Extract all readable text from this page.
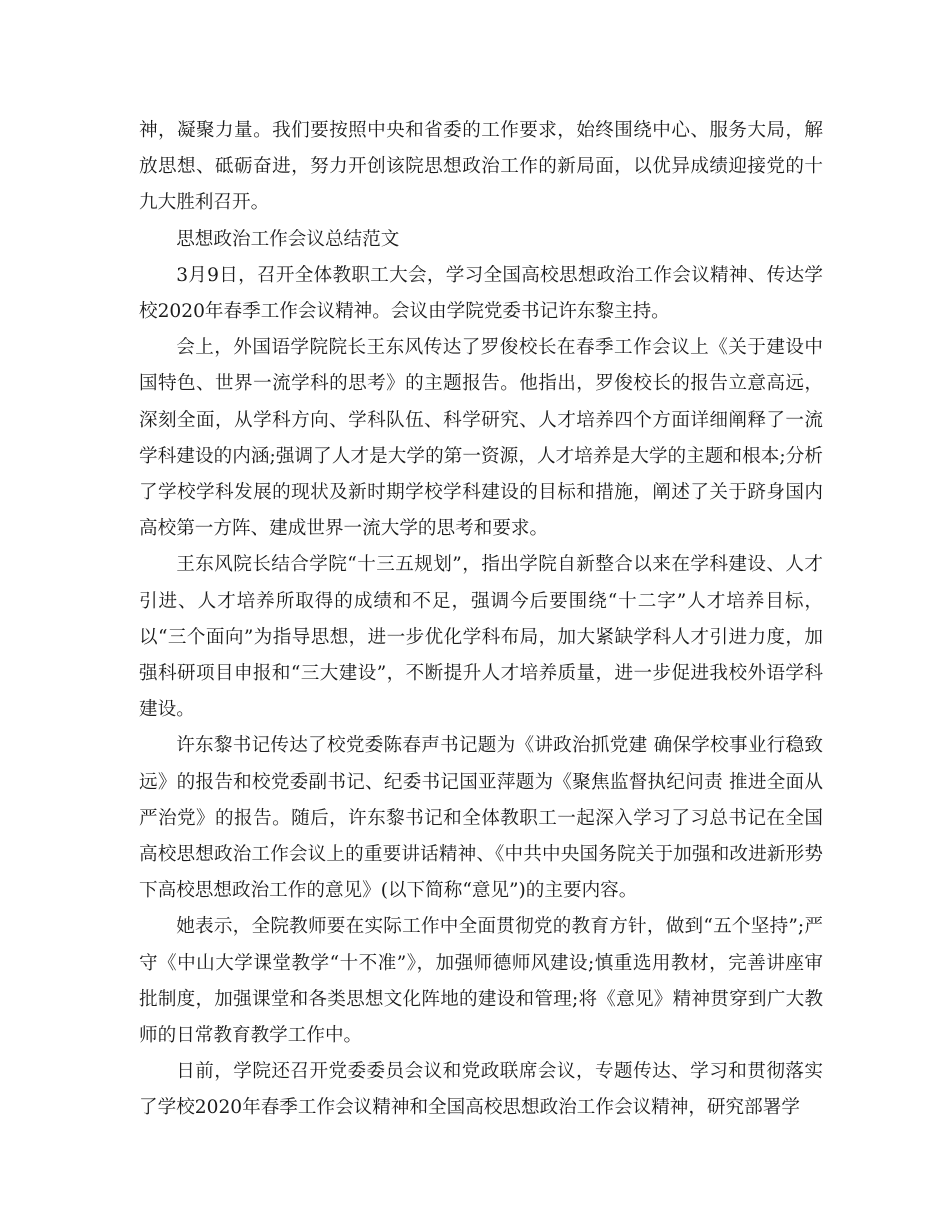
神，凝聚力量。我们要按照中央和省委的工作要求，始终围绕中心、服务大局，解放思想、砥砺奋进，努力开创该院思想政治工作的新局面，以优异成绩迎接党的十九大胜利召开。

思想政治工作会议总结范文

3月9日，召开全体教职工大会，学习全国高校思想政治工作会议精神、传达学校2020年春季工作会议精神。会议由学院党委书记许东黎主持。

会上，外国语学院院长王东风传达了罗俊校长在春季工作会议上《关于建设中国特色、世界一流学科的思考》的主题报告。他指出，罗俊校长的报告立意高远，深刻全面，从学科方向、学科队伍、科学研究、人才培养四个方面详细阐释了一流学科建设的内涵;强调了人才是大学的第一资源，人才培养是大学的主题和根本;分析了学校学科发展的现状及新时期学校学科建设的目标和措施，阐述了关于跻身国内高校第一方阵、建成世界一流大学的思考和要求。

王东风院长结合学院“十三五规划”，指出学院自新整合以来在学科建设、人才引进、人才培养所取得的成绩和不足，强调今后要围绕“十二字”人才培养目标，以“三个面向”为指导思想，进一步优化学科布局，加大紧缺学科人才引进力度，加强科研项目申报和“三大建设”，不断提升人才培养质量，进一步促进我校外语学科建设。

许东黎书记传达了校党委陈春声书记题为《讲政治抓党建 确保学校事业行稳致远》的报告和校党委副书记、纪委书记国亚萍题为《聚焦监督执纪问责 推进全面从严治党》的报告。随后，许东黎书记和全体教职工一起深入学习了习总书记在全国高校思想政治工作会议上的重要讲话精神、《中共中央国务院关于加强和改进新形势下高校思想政治工作的意见》(以下简称“意见”)的主要内容。

她表示，全院教师要在实际工作中全面贯彻党的教育方针，做到“五个坚持”;严守《中山大学课堂教学“十不准”》，加强师德师风建设;慎重选用教材，完善讲座审批制度，加强课堂和各类思想文化阵地的建设和管理;将《意见》精神贯穿到广大教师的日常教育教学工作中。

日前，学院还召开党委委员会议和党政联席会议，专题传达、学习和贯彻落实了学校2020年春季工作会议精神和全国高校思想政治工作会议精神，研究部署学
